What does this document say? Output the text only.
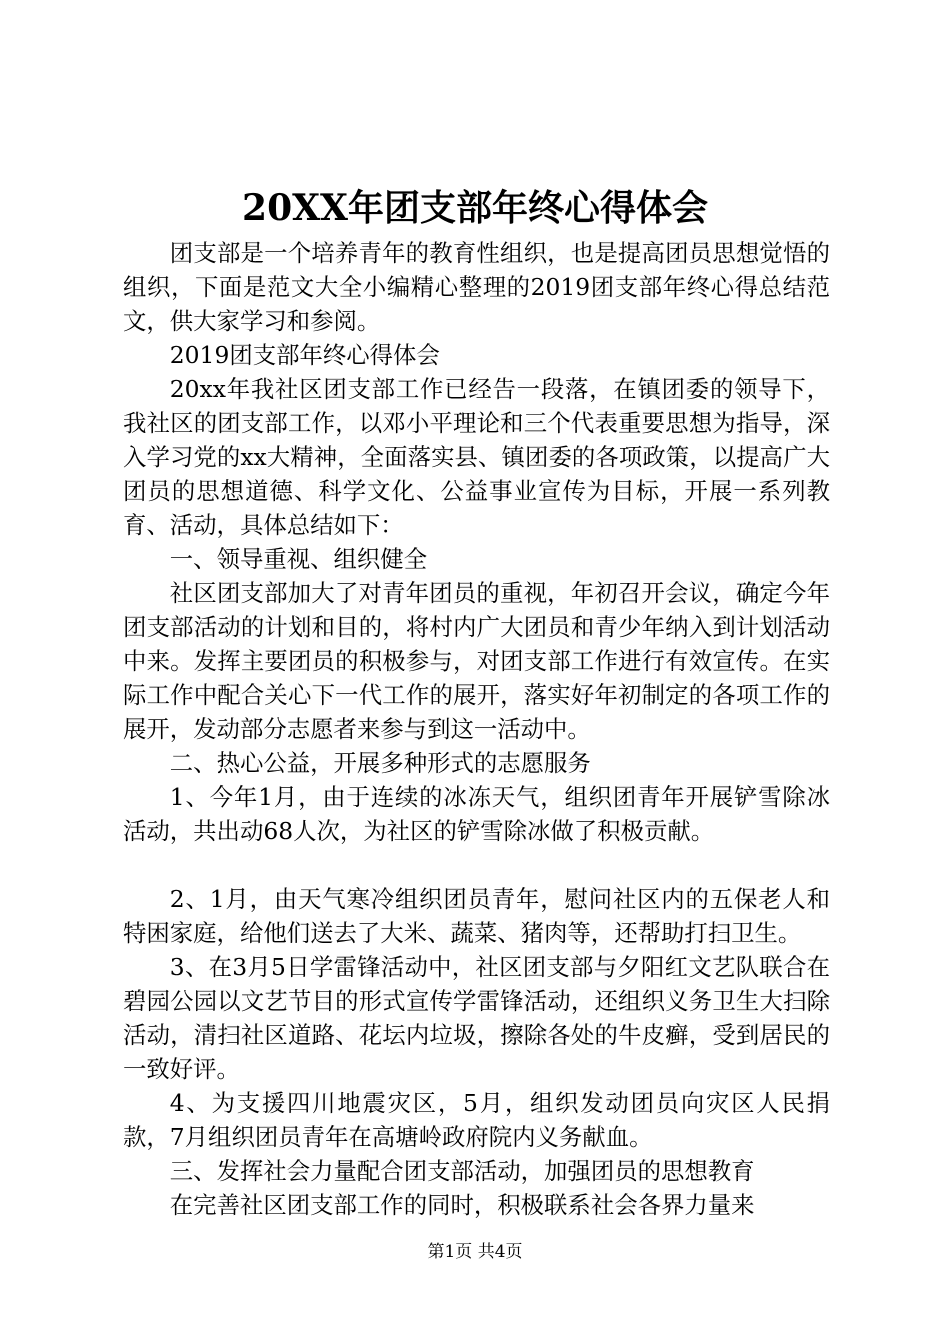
20XX年团支部年终心得体会

团支部是一个培养青年的教育性组织，也是提高团员思想觉悟的组织，下面是范文大全小编精心整理的2019团支部年终心得总结范文，供大家学习和参阅。

2019团支部年终心得体会

20xx年我社区团支部工作已经告一段落，在镇团委的领导下，我社区的团支部工作，以邓小平理论和三个代表重要思想为指导，深入学习党的xx大精神，全面落实县、镇团委的各项政策，以提高广大团员的思想道德、科学文化、公益事业宣传为目标，开展一系列教育、活动，具体总结如下：

一、领导重视、组织健全

社区团支部加大了对青年团员的重视，年初召开会议，确定今年团支部活动的计划和目的，将村内广大团员和青少年纳入到计划活动中来。发挥主要团员的积极参与，对团支部工作进行有效宣传。在实际工作中配合关心下一代工作的展开，落实好年初制定的各项工作的展开，发动部分志愿者来参与到这一活动中。

二、热心公益，开展多种形式的志愿服务

1、今年1月，由于连续的冰冻天气，组织团青年开展铲雪除冰活动，共出动68人次，为社区的铲雪除冰做了积极贡献。

2、1月，由天气寒冷组织团员青年，慰问社区内的五保老人和特困家庭，给他们送去了大米、蔬菜、猪肉等，还帮助打扫卫生。

3、在3月5日学雷锋活动中，社区团支部与夕阳红文艺队联合在碧园公园以文艺节目的形式宣传学雷锋活动，还组织义务卫生大扫除活动，清扫社区道路、花坛内垃圾，擦除各处的牛皮癣，受到居民的一致好评。

4、为支援四川地震灾区，5月，组织发动团员向灾区人民捐款，7月组织团员青年在高塘岭政府院内义务献血。

三、发挥社会力量配合团支部活动，加强团员的思想教育

在完善社区团支部工作的同时，积极联系社会各界力量来

第1页 共4页
